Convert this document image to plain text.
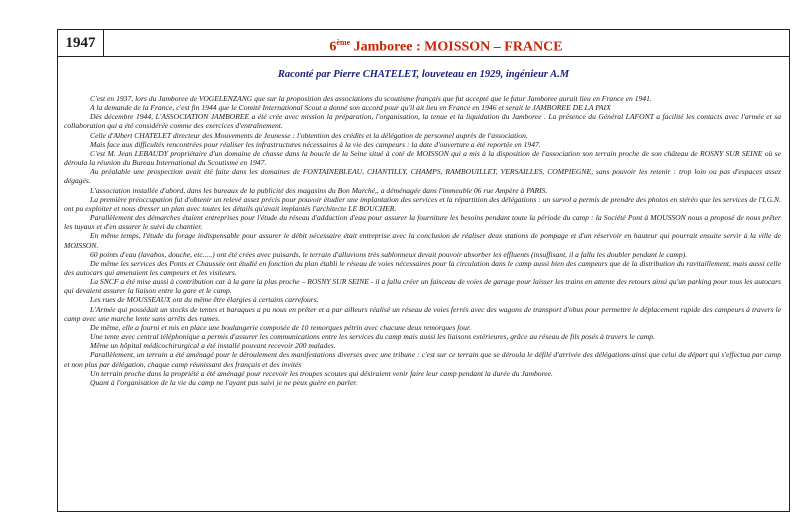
1947	6ème Jamboree : MOISSON – FRANCE
Raconté par Pierre CHATELET, louveteau en 1929, ingénieur A.M

C'est en 1937, lors du Jamboree de VOGELENZANG que sur la proposition des associations du scoutisme français que fut accepté que le futur Jamboree aurait lieu en France en 1941.

A la demande de la France, c'est fin 1944 que le Comité International Scout a donné son accord pour qu'il ait lieu en France en 1946 et serait le JAMBOREE DE LA PAIX

Dès décembre 1944, L'ASSOCIATION JAMBOREE a été crée avec mission la préparation, l'organisation, la tenue et la liquidation du Jamboree . La présence du Général LAFONT a facilité les contacts avec l'armée et sa collaboration qui a été considérée comme des exercices d'entraînement.

Celle d'Albert CHATELET directeur des Mouvements de Jeunesse : l'obtention des crédits et la délégation de personnel auprès de l'association.

Mais face aux difficultés rencontrées pour réaliser les infrastructures nécessaires à la vie des campeurs : la date d'ouverture a été reportée en 1947.

C'est M. Jean LEBAUDY propriétaire d'un domaine de chasse dans la boucle de la Seine situé à coté de MOISSON qui a mis à la disposition de l'association son terrain proche de son château de ROSNY SUR SEINE où se déroula la réunion du Bureau International du Scoutisme en 1947.

Au préalable une prospection avait été faite dans les domaines de FONTAINEBLEAU, CHANTILLY, CHAMPS, RAMBOUILLET, VERSAILLES, COMPIEGNE, sans pouvoir les retenir : trop loin ou pas d'espaces assez dégagés.

L'association installée d'abord, dans les bureaux de la publicité des magasins du Bon Marché,, a déménagée dans l'immeuble 06 rue Ampère à PARIS.

La première préoccupation fut d'obtenir un relevé assez précis pour pouvoir étudier une implantation des services et la répartition des délégations : un survol a permis de prendre des photos en stéréo que les services de l'I.G.N. ont pu exploiter et nous dresser un plan avec toutes les détails qu'avait implantés l'architecte LE BOUCHER.

Parallèlement des démarches étaient entreprises pour l'étude du réseau d'adduction d'eau pour assurer la fourniture les besoins pendant toute la période du camp : la Société Pont à MOUSSON nous a proposé de nous prêter les tuyaux et d'en assurer le suivi du chantier.

En même temps, l'étude du forage indispensable pour assurer le débit nécessaire était entreprise avec la conclusion de réaliser deux stations de pompage et d'un réservoir en hauteur qui pourrait ensuite servir à la ville de MOISSON.

60 points d'eau (lavabos, douche, etc.....) ont été crées avec puisards, le terrain d'alluvions très sablonneux devait pouvoir absorber les effluents (insuffisant, il a fallu les doubler pendant le camp).

De même les services des Ponts et Chaussée ont étudié en fonction du plan établi le réseau de voies nécessaires pour la circulation dans le camp aussi bien des campeurs que de la distribution du ravitaillement, mais aussi celle des autocars qui amenaient les campeurs et les visiteurs.

La SNCF a été mise aussi à contribution car à la gare la plus proche – ROSNY SUR SEINE - il a fallu créer un faisceau de voies de garage pour laisser les trains en attente des retours ainsi qu'un parking pour tous les autocars qui devaient assurer la liaison entre la gare et le camp.

Les rues de MOUSSEAUX ont du même être élargies à certains carrefours.

L'Armée qui possédait un stocks de tentes et baraques a pu nous en prêter et a par ailleurs réalisé un réseau de voies ferrés avec des wagons de transport d'obus pour permettre le déplacement rapide des campeurs à travers le camp avec une marche lente sans arrêts des rames.

De même, elle a fourni et mis en place une boulangerie composée de 10 remorques pétrin avec chacune deux remorques four.

Une tente avec central téléphonique a permis d'assurer les communications entre les services du camp mais aussi les liaisons extérieures, grâce au réseau de fils posés à travers le camp.

Même un hôpital médicochirurgical a été installé pouvant recevoir 200 malades.

Parallèlement, un terrain a été aménagé pour le déroulement des manifestations diverses avec une tribune : c'est sur ce terrain que se déroula le défilé d'arrivée des délégations ainsi que celui du départ qui s'effectua par camp et non plus par délégation, chaque camp réunissant des français et des invités

Un terrain proche dans la propriété a été aménagé pour recevoir les troupes scoutes qui désiraient venir faire leur camp pendant la durée du Jamboree.

Quant à l'organisation de la vie du camp ne l'ayant pas suivi je ne peux guère en parler.
